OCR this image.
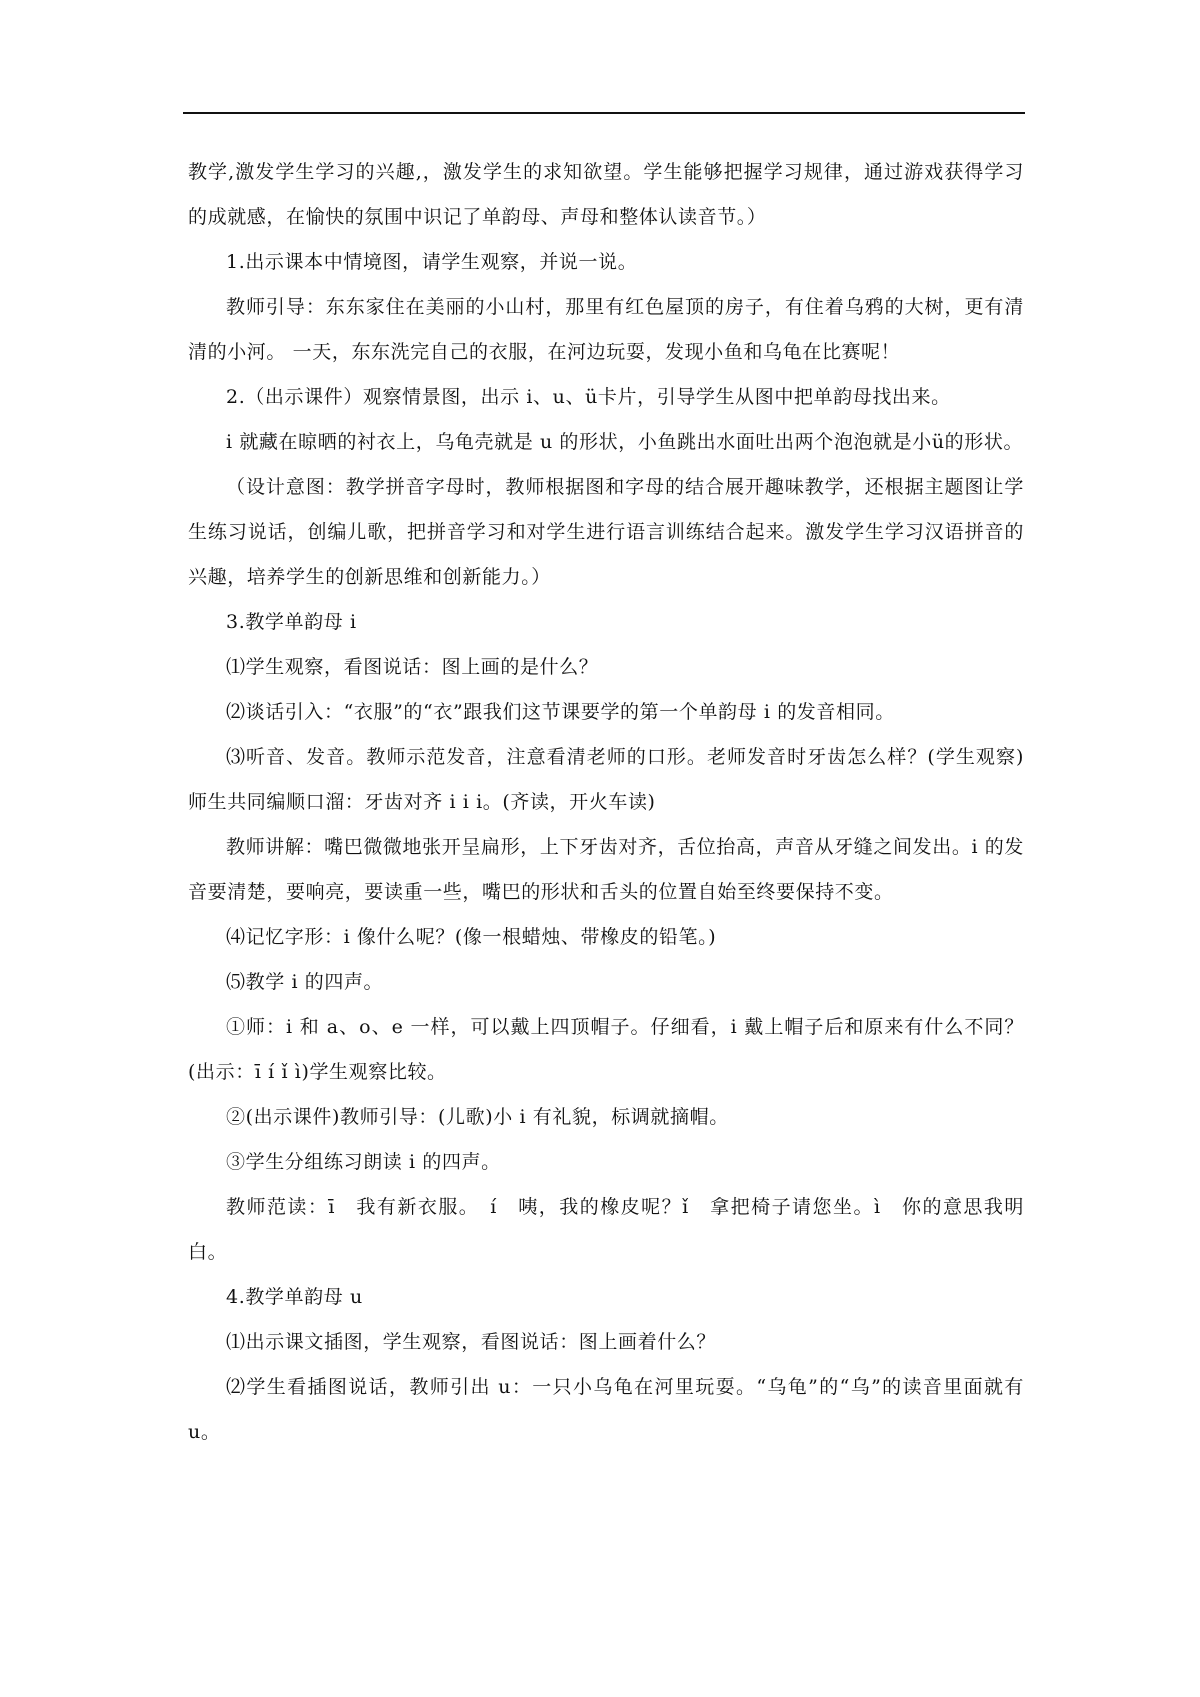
教学,激发学生学习的兴趣,，激发学生的求知欲望。学生能够把握学习规律，通过游戏获得学习的成就感，在愉快的氛围中识记了单韵母、声母和整体认读音节。）

1.出示课本中情境图，请学生观察，并说一说。

教师引导：东东家住在美丽的小山村，那里有红色屋顶的房子，有住着乌鸦的大树，更有清清的小河。 一天，东东洗完自己的衣服，在河边玩耍，发现小鱼和乌龟在比赛呢！

2.（出示课件）观察情景图，出示 i、u、ü卡片，引导学生从图中把单韵母找出来。

i 就藏在晾晒的衬衣上，乌龟壳就是 u 的形状，小鱼跳出水面吐出两个泡泡就是小ü的形状。

（设计意图：教学拼音字母时，教师根据图和字母的结合展开趣味教学，还根据主题图让学生练习说话，创编儿歌，把拼音学习和对学生进行语言训练结合起来。激发学生学习汉语拼音的兴趣，培养学生的创新思维和创新能力。）

3.教学单韵母 i

⑴学生观察，看图说话：图上画的是什么？

⑵谈话引入：“衣服”的“衣”跟我们这节课要学的第一个单韵母 i 的发音相同。

⑶听音、发音。教师示范发音，注意看清老师的口形。老师发音时牙齿怎么样？(学生观察)师生共同编顺口溜：牙齿对齐 i i i。(齐读，开火车读)

教师讲解：嘴巴微微地张开呈扁形，上下牙齿对齐，舌位抬高，声音从牙缝之间发出。i 的发音要清楚，要响亮，要读重一些，嘴巴的形状和舌头的位置自始至终要保持不变。

⑷记忆字形：i 像什么呢？(像一根蜡烛、带橡皮的铅笔。)

⑸教学 i 的四声。

①师：i 和 a、o、e 一样，可以戴上四顶帽子。仔细看，i 戴上帽子后和原来有什么不同？(出示：ī í ǐ ì)学生观察比较。

②(出示课件)教师引导：(儿歌)小 i 有礼貌，标调就摘帽。

③学生分组练习朗读 i 的四声。

教师范读：ī　我有新衣服。　í　咦，我的橡皮呢？ǐ　拿把椅子请您坐。ì　你的意思我明白。

4.教学单韵母 u

⑴出示课文插图，学生观察，看图说话：图上画着什么？

⑵学生看插图说话，教师引出 u：一只小乌龟在河里玩耍。“乌龟”的“乌”的读音里面就有 u。
